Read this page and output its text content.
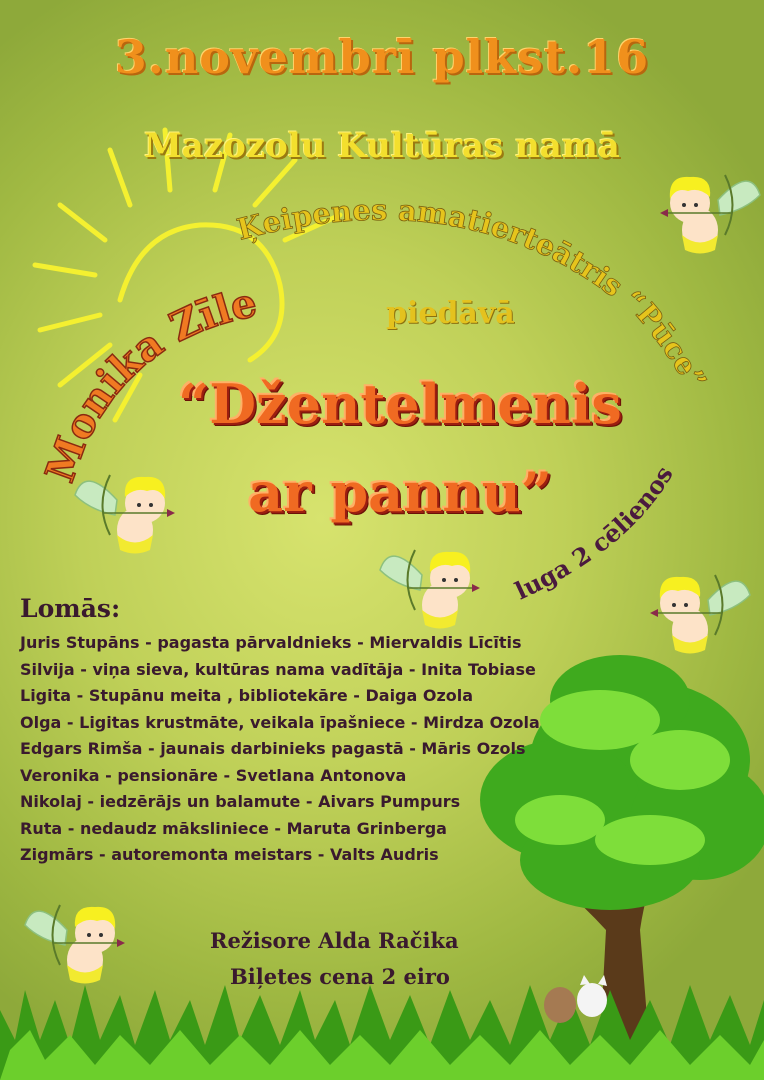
3.novembrī plkst.16
Mazozolu Kultūras namā
Ķeipenes amatierteātris “Pūce”
Monika Zīle
luga 2 cēlienos
piedāvā
“Džentelmenis
ar pannu”
Lomās:
Juris Stupāns - pagasta pārvaldnieks - Miervaldis Līcītis
Silvija - viņa sieva, kultūras nama vadītāja - Inita Tobiase
Ligita - Stupānu meita , bibliotekāre - Daiga Ozola
Olga - Ligitas krustmāte, veikala īpašniece - Mirdza Ozola
Edgars Rimša - jaunais darbinieks pagastā - Māris Ozols
Veronika - pensionāre - Svetlana Antonova
Nikolaj - iedzērājs un balamute - Aivars Pumpurs
Ruta - nedaudz māksliniece - Maruta Grinberga
Zigmārs - autoremonta meistars - Valts Audris
Režisore Alda Račika
Biļetes cena 2 eiro
